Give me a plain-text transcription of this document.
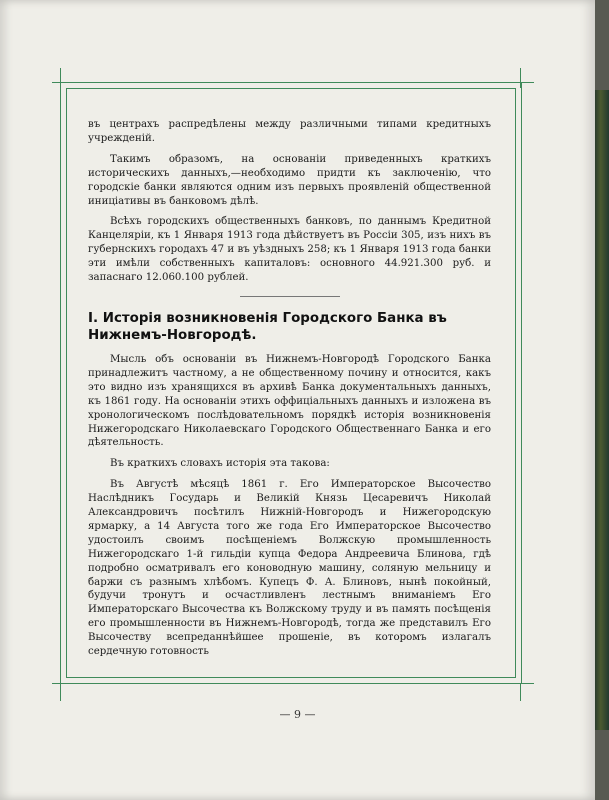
въ центрахъ распредѣлены между различными типами кредитныхъ учрежденій.

Такимъ образомъ, на основаніи приведенныхъ краткихъ историческихъ данныхъ,—необходимо придти къ заключенію, что городскіе банки являются одним изъ первыхъ проявленій общественной иниціативы въ банковомъ дѣлѣ.

Всѣхъ городскихъ общественныхъ банковъ, по даннымъ Кредитной Канцеляріи, къ 1 Января 1913 года дѣйствуетъ въ Россіи 305, изъ нихъ въ губернскихъ городахъ 47 и въ уѣздныхъ 258; къ 1 Января 1913 года банки эти имѣли собственныхъ капиталовъ: основного 44.921.300 руб. и запаснаго 12.060.100 рублей.

I. Исторія возникновенія Городского Банка въ Нижнемъ-Новгородѣ.

Мысль объ основаніи въ Нижнемъ-Новгородѣ Городского Банка принадлежитъ частному, а не общественному почину и относится, какъ это видно изъ хранящихся въ архивѣ Банка документальныхъ данныхъ, къ 1861 году. На основаніи этихъ оффиціальныхъ данныхъ и изложена въ хронологическомъ послѣдовательномъ порядкѣ исторія возникновенія Нижегородскаго Николаевскаго Городского Общественнаго Банка и его дѣятельность.

Въ краткихъ словахъ исторія эта такова:

Въ Августѣ мѣсяцѣ 1861 г. Его Императорское Высочество Наслѣдникъ Государь и Великій Князь Цесаревичъ Николай Александровичъ посѣтилъ Нижній-Новгородъ и Нижегородскую ярмарку, а 14 Августа того же года Его Императорское Высочество удостоилъ своимъ посѣщеніемъ Волжскую промышленность Нижегородскаго 1-й гильдіи купца Федора Андреевича Блинова, гдѣ подробно осматривалъ его коноводную машину, соляную мельницу и баржи съ разнымъ хлѣбомъ. Купецъ Ф. А. Блиновъ, нынѣ покойный, будучи тронутъ и осчастливленъ лестнымъ вниманіемъ Его Императорскаго Высочества къ Волжскому труду и въ память посѣщенія его промышленности въ Нижнемъ-Новгородѣ, тогда же представилъ Его Высочеству всепреданнѣйшее прошеніе, въ которомъ излагалъ сердечную готовность

— 9 —
